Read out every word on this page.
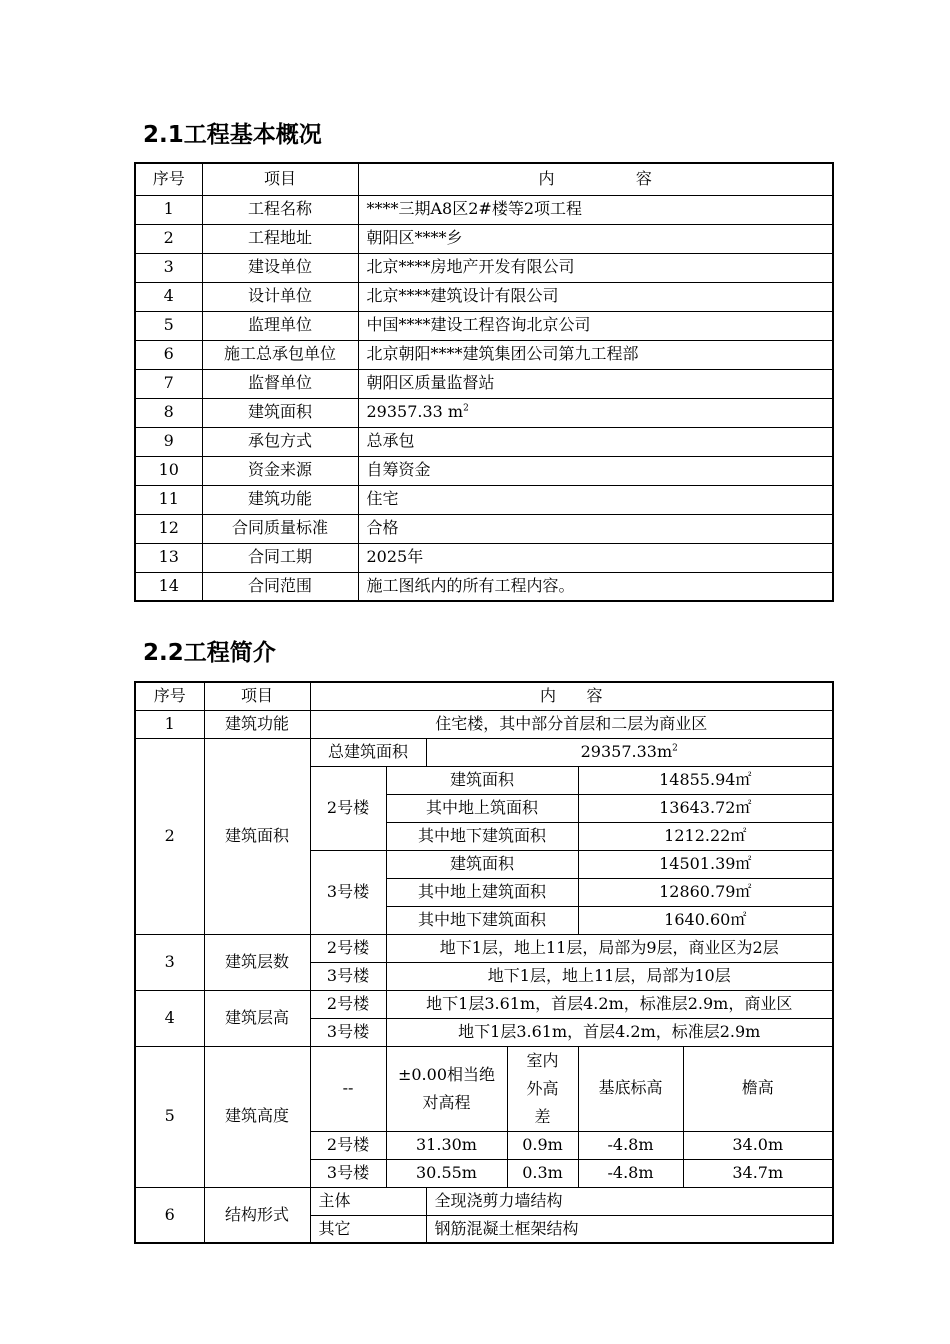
2.1工程基本概况
序号	项目	内                容
1	工程名称	****三期A8区2#楼等2项工程
2	工程地址	朝阳区****乡
3	建设单位	北京****房地产开发有限公司
4	设计单位	北京****建筑设计有限公司
5	监理单位	中国****建设工程咨询北京公司
6	施工总承包单位	北京朝阳****建筑集团公司第九工程部
7	监督单位	朝阳区质量监督站
8	建筑面积	29357.33 $m^2$
9	承包方式	总承包
10	资金来源	自筹资金
11	建筑功能	住宅
12	合同质量标准	合格
13	合同工期	2025年
14	合同范围	施工图纸内的所有工程内容。
2.2工程简介
序号	项目	内      容					
1	建筑功能	住宅楼，其中部分首层和二层为商业区					
2	建筑面积	总建筑面积		$29357.33m^2$
		2号楼	建筑面积			14855.94㎡	
			其中地上筑面积			13643.72㎡	
			其中地下建筑面积			1212.22㎡	
		3号楼	建筑面积			14501.39㎡	
			其中地上建筑面积			12860.79㎡	
			其中地下建筑面积			1640.60㎡	
3	建筑层数	2号楼	地下1层，地上11层，局部为9层，商业区为2层				
		3号楼	地下1层，地上11层，局部为10层				
4	建筑层高	2号楼	地下1层3.61m，首层4.2m，标准层2.9m，商业区				
		3号楼	地下1层3.61m，首层4.2m，标准层2.9m				
5	建筑高度	--	±0.00相当绝对高程		室内外高差	基底标高	檐高
		2号楼	31.30m		0.9m	-4.8m	34.0m
		3号楼	30.55m		0.3m	-4.8m	34.7m
6	结构形式	主体		全现浇剪力墙结构			
		其它		钢筋混凝土框架结构			
